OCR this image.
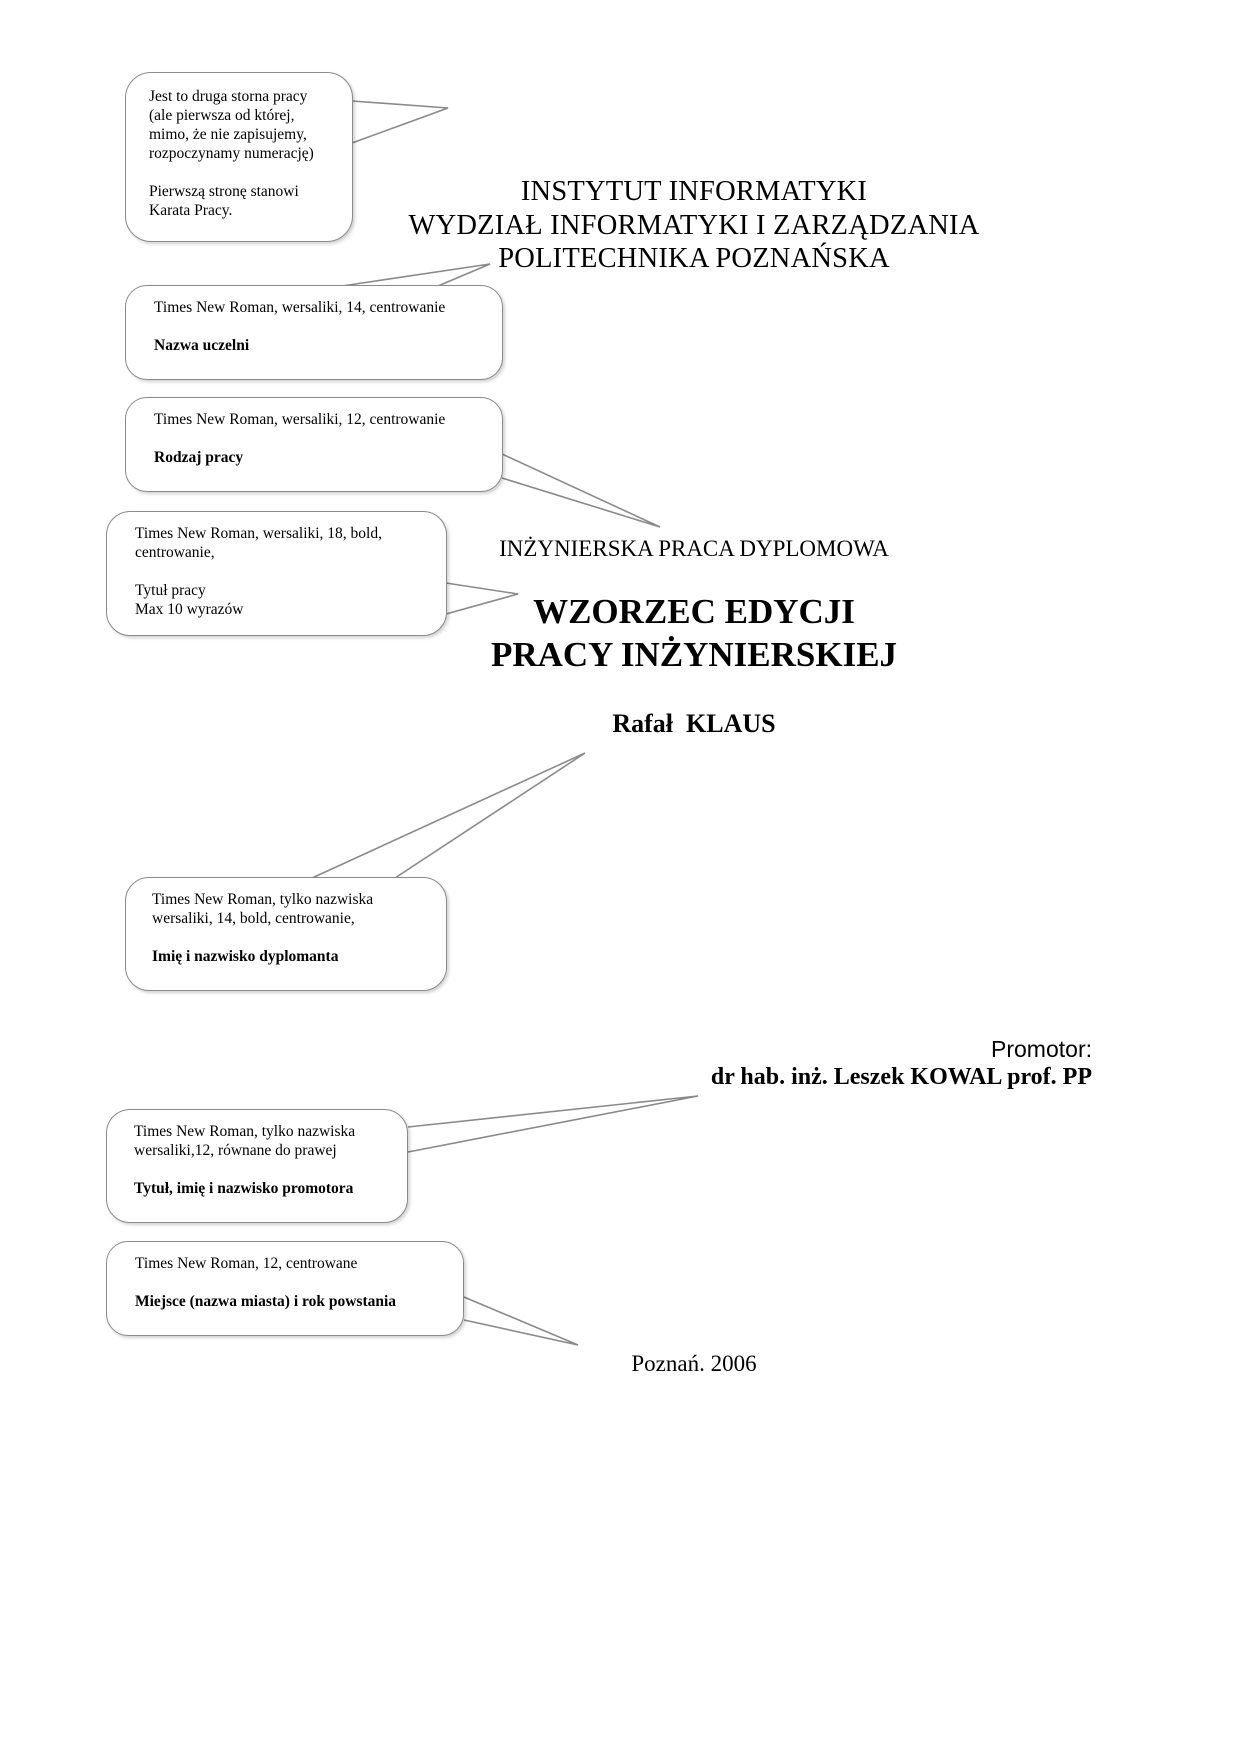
Jest to druga storna pracy
(ale pierwsza od której,
mimo, że nie zapisujemy,
rozpoczynamy numerację)
Pierwszą stronę stanowi
Karata Pracy.
Times New Roman, wersaliki, 14, centrowanie
Nazwa uczelni
Times New Roman, wersaliki, 12, centrowanie
Rodzaj pracy
Times New Roman, wersaliki, 18, bold,
centrowanie,
Tytuł pracy
Max 10 wyrazów
Times New Roman, tylko nazwiska
wersaliki, 14, bold, centrowanie,
Imię i nazwisko dyplomanta
Times New Roman, tylko nazwiska
wersaliki,12, równane do prawej
Tytuł, imię i nazwisko promotora
Times New Roman, 12, centrowane
Miejsce (nazwa miasta) i rok powstania
INSTYTUT INFORMATYKI
WYDZIAŁ INFORMATYKI I ZARZĄDZANIA
POLITECHNIKA POZNAŃSKA
INŻYNIERSKA PRACA DYPLOMOWA
WZORZEC EDYCJI
PRACY INŻYNIERSKIEJ
Rafał  KLAUS
Promotor:
dr hab. inż. Leszek KOWAL prof. PP
Poznań. 2006
